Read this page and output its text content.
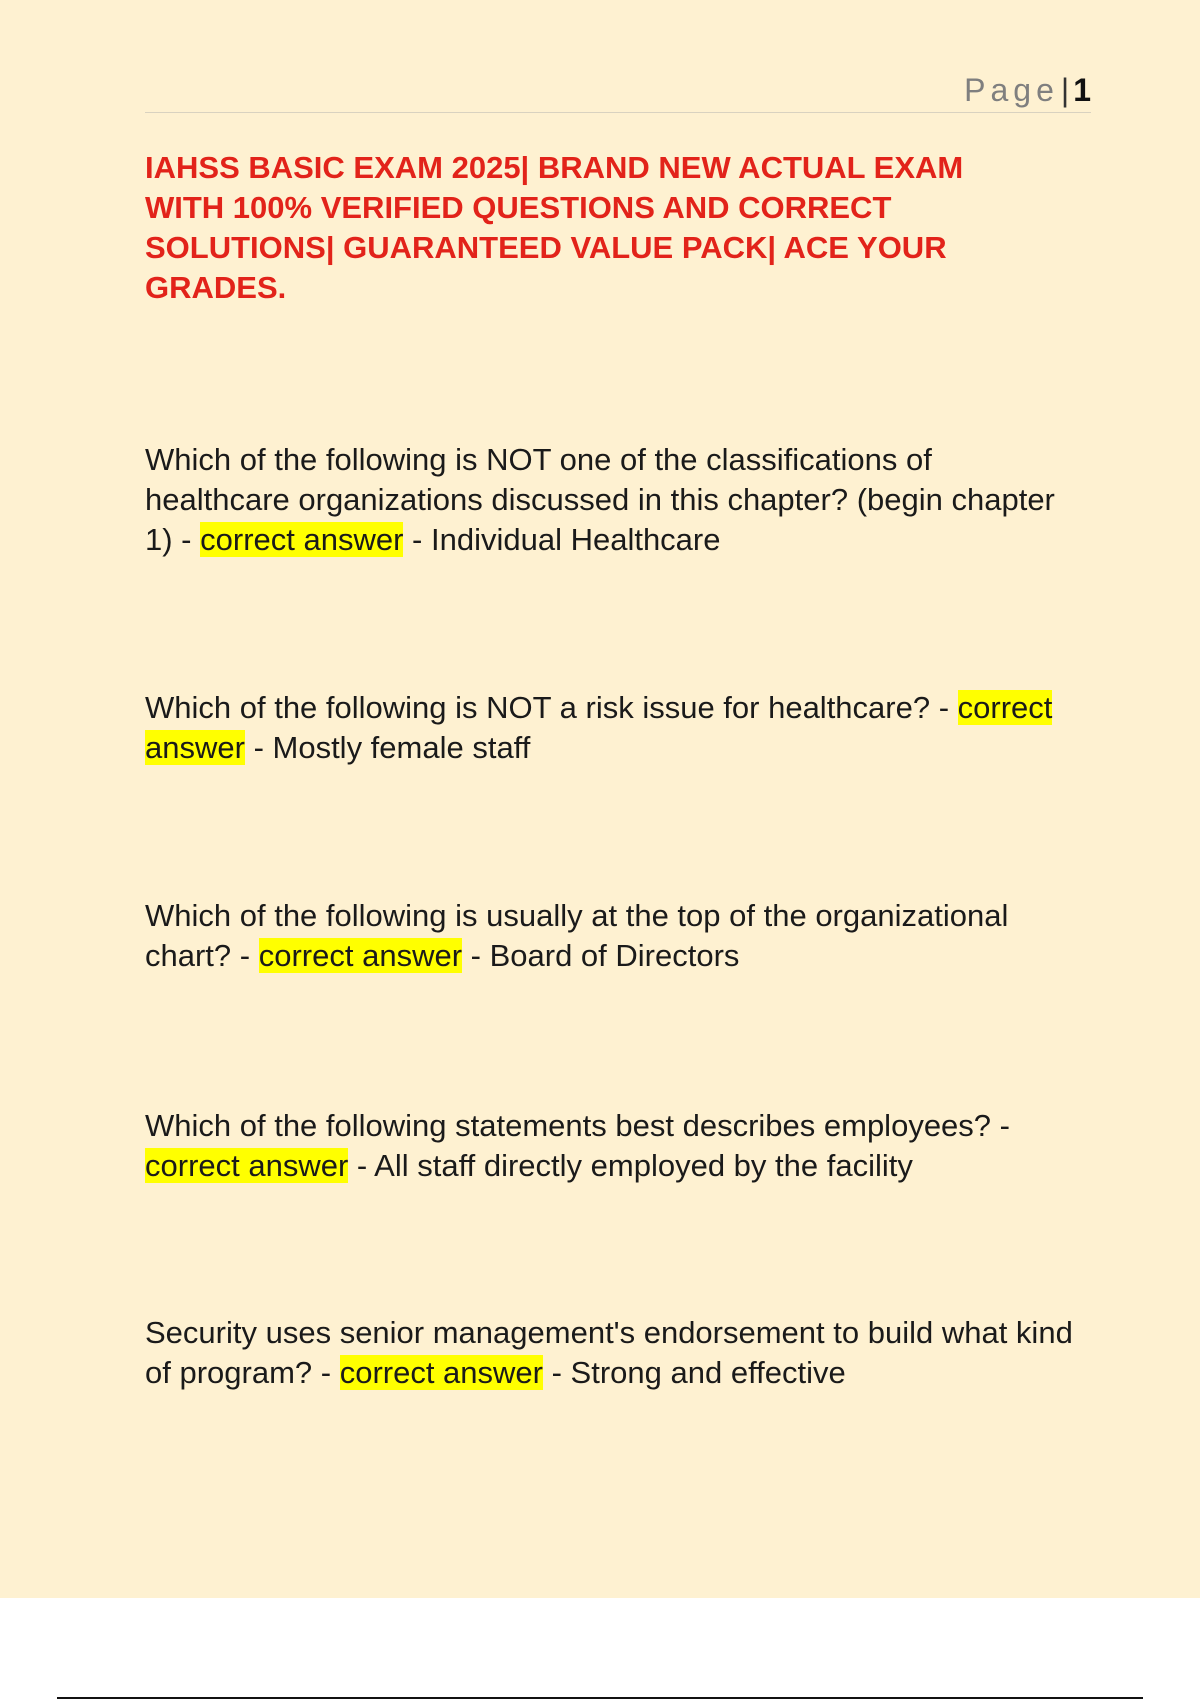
Page| 1

IAHSS BASIC EXAM 2025| BRAND NEW ACTUAL EXAM WITH 100% VERIFIED QUESTIONS AND CORRECT SOLUTIONS| GUARANTEED VALUE PACK| ACE YOUR GRADES.

Which of the following is NOT one of the classifications of healthcare organizations discussed in this chapter? (begin chapter 1) - correct answer - Individual Healthcare

Which of the following is NOT a risk issue for healthcare? - correct answer - Mostly female staff

Which of the following is usually at the top of the organizational chart? - correct answer - Board of Directors

Which of the following statements best describes employees? - correct answer - All staff directly employed by the facility

Security uses senior management's endorsement to build what kind of program? - correct answer - Strong and effective
